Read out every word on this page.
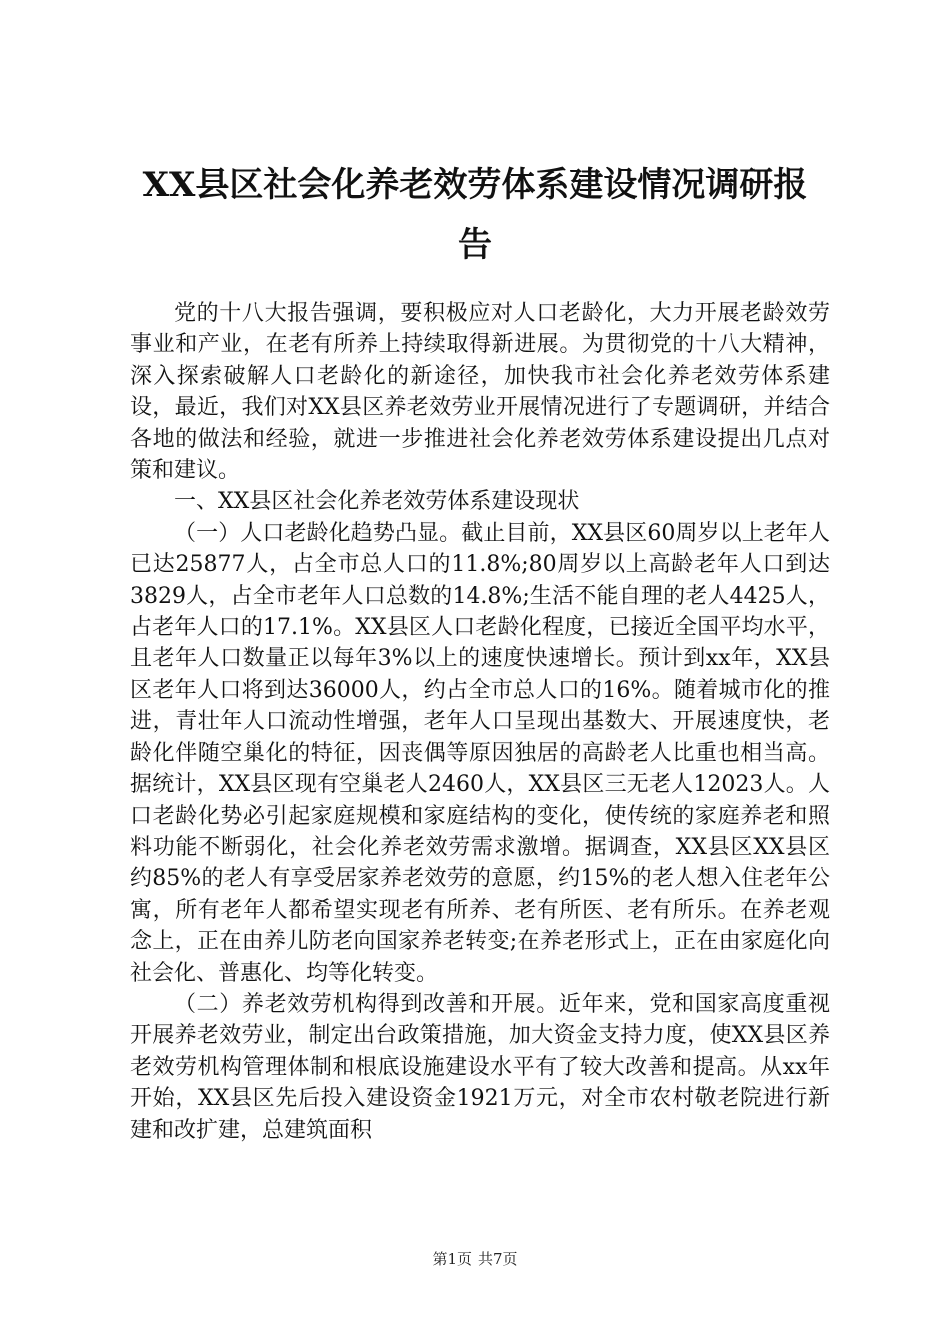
XX县区社会化养老效劳体系建设情况调研报
告

党的十八大报告强调，要积极应对人口老龄化，大力开展老龄效劳事业和产业，在老有所养上持续取得新进展。为贯彻党的十八大精神，深入探索破解人口老龄化的新途径，加快我市社会化养老效劳体系建设，最近，我们对XX县区养老效劳业开展情况进行了专题调研，并结合各地的做法和经验，就进一步推进社会化养老效劳体系建设提出几点对策和建议。

一、XX县区社会化养老效劳体系建设现状

（一）人口老龄化趋势凸显。截止目前，XX县区60周岁以上老年人已达25877人，占全市总人口的11.8%;80周岁以上高龄老年人口到达3829人，占全市老年人口总数的14.8%;生活不能自理的老人4425人，占老年人口的17.1%。XX县区人口老龄化程度，已接近全国平均水平，且老年人口数量正以每年3%以上的速度快速增长。预计到xx年，XX县区老年人口将到达36000人，约占全市总人口的16%。随着城市化的推进，青壮年人口流动性增强，老年人口呈现出基数大、开展速度快，老龄化伴随空巢化的特征，因丧偶等原因独居的高龄老人比重也相当高。据统计，XX县区现有空巢老人2460人，XX县区三无老人12023人。人口老龄化势必引起家庭规模和家庭结构的变化，使传统的家庭养老和照料功能不断弱化，社会化养老效劳需求激增。据调查，XX县区XX县区约85%的老人有享受居家养老效劳的意愿，约15%的老人想入住老年公寓，所有老年人都希望实现老有所养、老有所医、老有所乐。在养老观念上，正在由养儿防老向国家养老转变;在养老形式上，正在由家庭化向社会化、普惠化、均等化转变。

（二）养老效劳机构得到改善和开展。近年来，党和国家高度重视开展养老效劳业，制定出台政策措施，加大资金支持力度，使XX县区养老效劳机构管理体制和根底设施建设水平有了较大改善和提高。从xx年开始，XX县区先后投入建设资金1921万元，对全市农村敬老院进行新建和改扩建，总建筑面积

第1页 共7页
